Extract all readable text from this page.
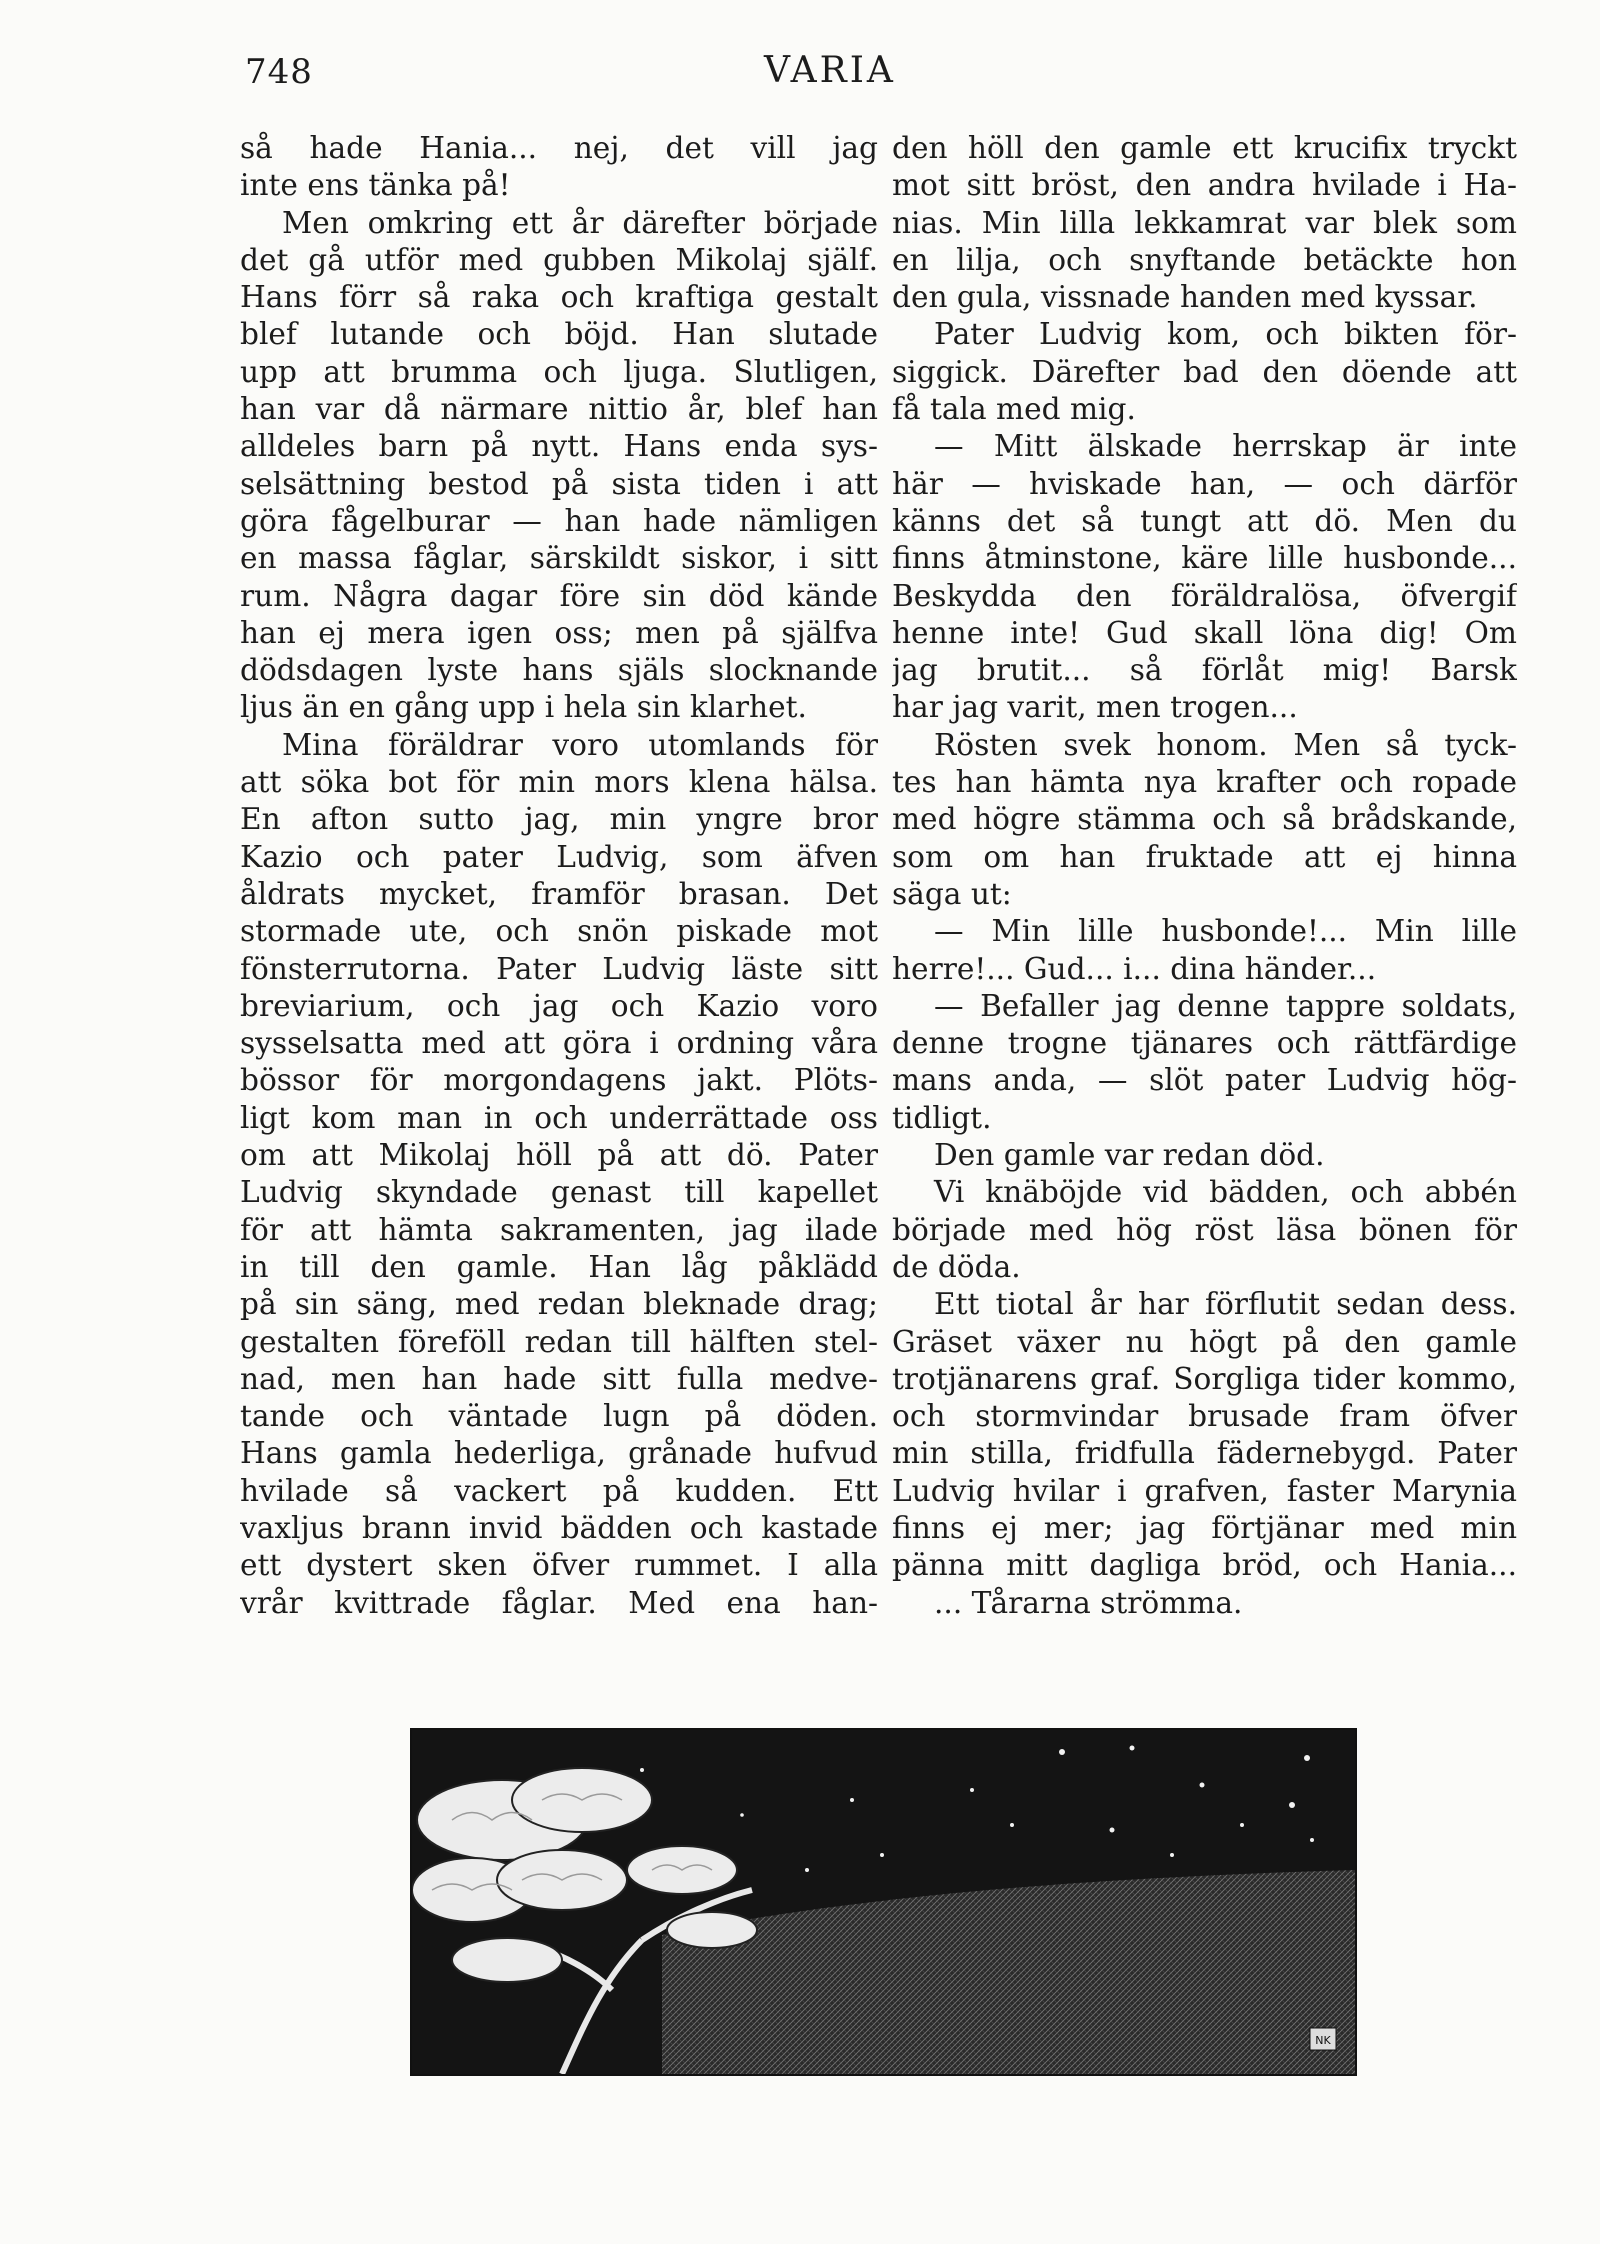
748	VARIA
så hade Hania... nej, det vill jag
inte ens tänka på!
Men omkring ett år därefter började
det gå utför med gubben Mikolaj själf.
Hans förr så raka och kraftiga gestalt
blef lutande och böjd. Han slutade
upp att brumma och ljuga. Slutligen,
han var då närmare nittio år, blef han
alldeles barn på nytt. Hans enda sys-
selsättning bestod på sista tiden i att
göra fågelburar — han hade nämligen
en massa fåglar, särskildt siskor, i sitt
rum. Några dagar före sin död kände
han ej mera igen oss; men på själfva
dödsdagen lyste hans själs slocknande
ljus än en gång upp i hela sin klarhet.
Mina föräldrar voro utomlands för
att söka bot för min mors klena hälsa.
En afton sutto jag, min yngre bror
Kazio och pater Ludvig, som äfven
åldrats mycket, framför brasan. Det
stormade ute, och snön piskade mot
fönsterrutorna. Pater Ludvig läste sitt
breviarium, och jag och Kazio voro
sysselsatta med att göra i ordning våra
bössor för morgondagens jakt. Plöts-
ligt kom man in och underrättade oss
om att Mikolaj höll på att dö. Pater
Ludvig skyndade genast till kapellet
för att hämta sakramenten, jag ilade
in till den gamle. Han låg påklädd
på sin säng, med redan bleknade drag;
gestalten föreföll redan till hälften stel-
nad, men han hade sitt fulla medve-
tande och väntade lugn på döden.
Hans gamla hederliga, grånade hufvud
hvilade så vackert på kudden. Ett
vaxljus brann invid bädden och kastade
ett dystert sken öfver rummet. I alla
vrår kvittrade fåglar. Med ena han-
den höll den gamle ett krucifix tryckt
mot sitt bröst, den andra hvilade i Ha-
nias. Min lilla lekkamrat var blek som
en lilja, och snyftande betäckte hon
den gula, vissnade handen med kyssar.
Pater Ludvig kom, och bikten för-
siggick. Därefter bad den döende att
få tala med mig.
— Mitt älskade herrskap är inte
här — hviskade han, — och därför
känns det så tungt att dö. Men du
finns åtminstone, käre lille husbonde...
Beskydda den föräldralösa, öfvergif
henne inte! Gud skall löna dig! Om
jag brutit... så förlåt mig! Barsk
har jag varit, men trogen...
Rösten svek honom. Men så tyck-
tes han hämta nya krafter och ropade
med högre stämma och så brådskande,
som om han fruktade att ej hinna
säga ut:
— Min lille husbonde!... Min lille
herre!... Gud... i... dina händer...
— Befaller jag denne tappre soldats,
denne trogne tjänares och rättfärdige
mans anda, — slöt pater Ludvig hög-
tidligt.
Den gamle var redan död.
Vi knäböjde vid bädden, och abbén
började med hög röst läsa bönen för
de döda.
Ett tiotal år har förflutit sedan dess.
Gräset växer nu högt på den gamle
trotjänarens graf. Sorgliga tider kommo,
och stormvindar brusade fram öfver
min stilla, fridfulla fädernebygd. Pater
Ludvig hvilar i grafven, faster Marynia
finns ej mer; jag förtjänar med min
pänna mitt dagliga bröd, och Hania...
... Tårarna strömma.
NK
